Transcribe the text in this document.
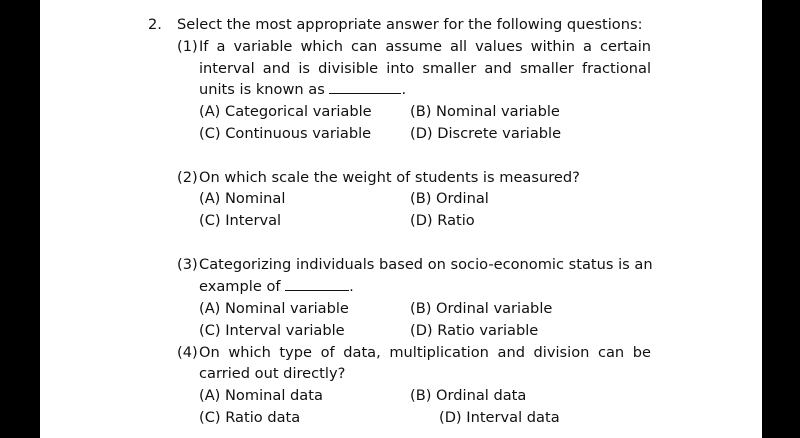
2. Select the most appropriate answer for the following questions:
(1) If a variable which can assume all values within a certain
interval and is divisible into smaller and smaller fractional
units is known as	.
(A) Categorical variable	(B) Nominal variable
(C) Continuous variable	(D) Discrete variable
(2) On which scale the weight of students is measured?
(A) Nominal	(B) Ordinal
(C) Interval	(D) Ratio
(3) Categorizing individuals based on socio-economic status is an
example of	.
(A) Nominal variable	(B) Ordinal variable
(C) Interval variable	(D) Ratio variable
(4) On which type of data, multiplication and division can be
carried out directly?
(A) Nominal data	(B) Ordinal data
(C) Ratio data	(D) Interval data
